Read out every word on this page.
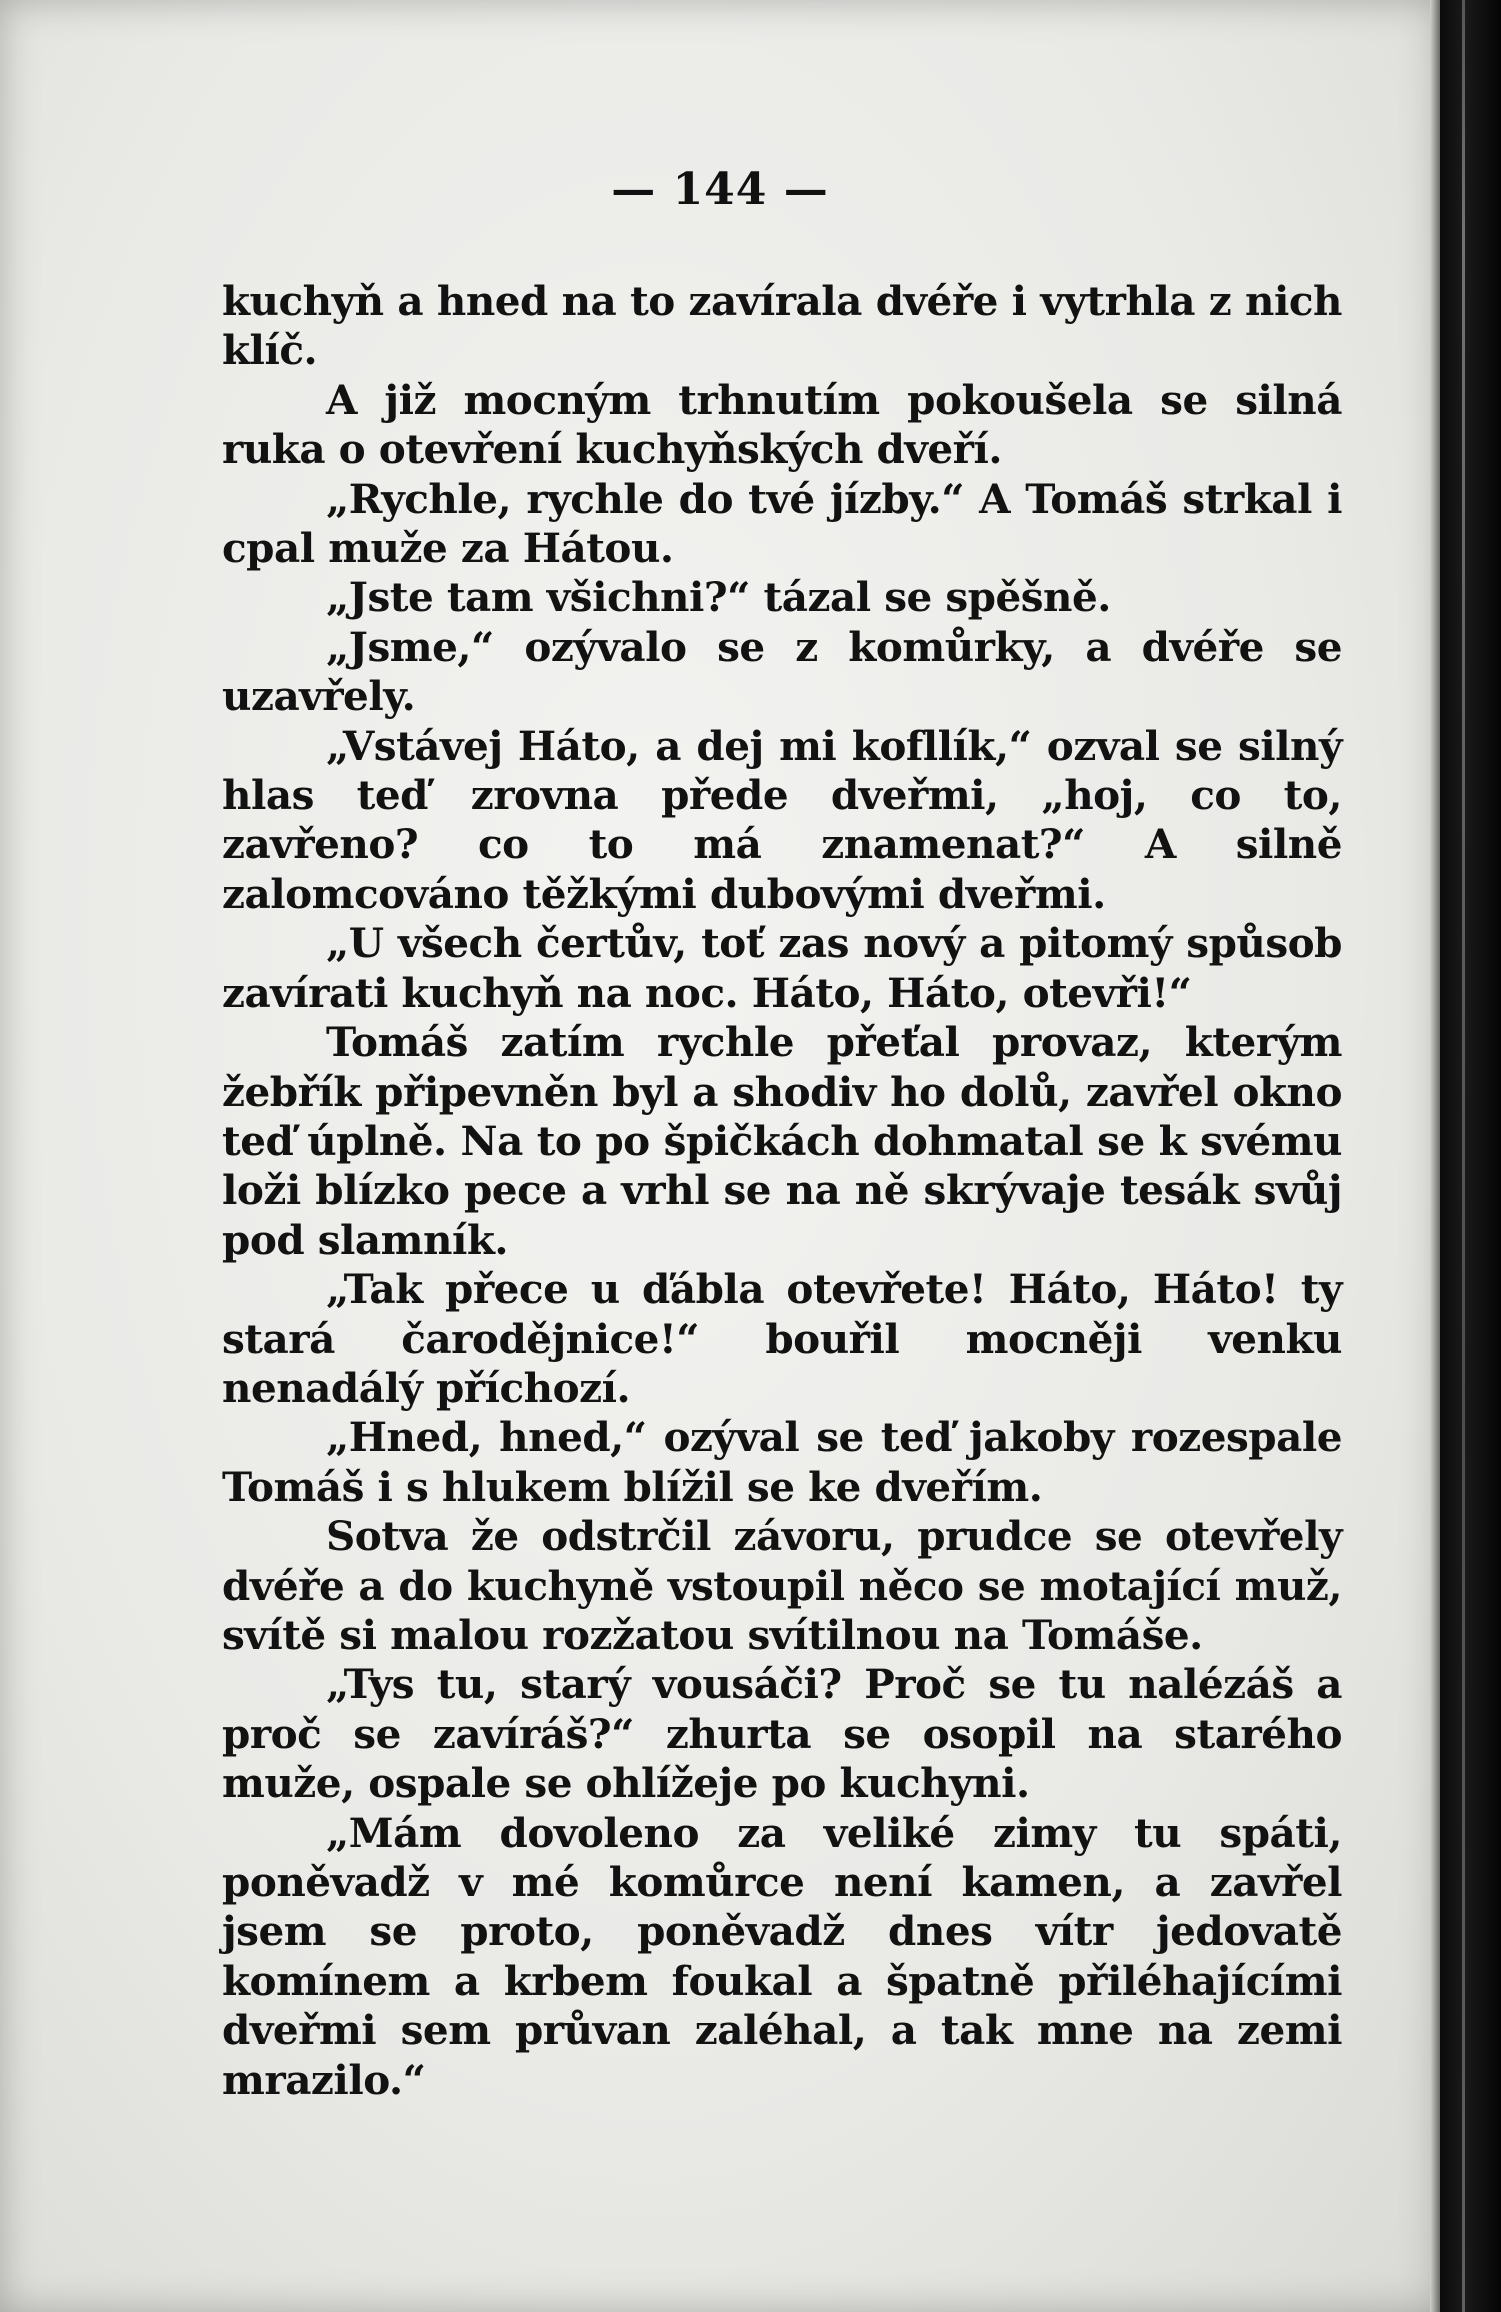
— 144 —

kuchyň a hned na to zavírala dvéře i vytrhla z nich klíč.

A již mocným trhnutím pokoušela se silná ruka o otevření kuchyňských dveří.

„Rychle, rychle do tvé jízby.“ A Tomáš strkal i cpal muže za Hátou.

„Jste tam všichni?“ tázal se spěšně.

„Jsme,“ ozývalo se z komůrky, a dvéře se uzavřely.

„Vstávej Háto, a dej mi kofllík,“ ozval se silný hlas teď zrovna přede dveřmi, „hoj, co to, zavřeno? co to má znamenat?“ A silně zalomcováno těžkými dubovými dveřmi.

„U všech čertův, toť zas nový a pitomý spůsob zavírati kuchyň na noc. Háto, Háto, otevři!“

Tomáš zatím rychle přeťal provaz, kterým žebřík připevněn byl a shodiv ho dolů, zavřel okno teď úplně. Na to po špičkách dohmatal se k svému loži blízko pece a vrhl se na ně skrývaje tesák svůj pod slamník.

„Tak přece u ďábla otevřete! Háto, Háto! ty stará čarodějnice!“ bouřil mocněji venku nenadálý příchozí.

„Hned, hned,“ ozýval se teď jakoby rozespale Tomáš i s hlukem blížil se ke dveřím.

Sotva že odstrčil závoru, prudce se otevřely dvéře a do kuchyně vstoupil něco se motající muž, svítě si malou rozžatou svítilnou na Tomáše.

„Tys tu, starý vousáči? Proč se tu nalézáš a proč se zavíráš?“ zhurta se osopil na starého muže, ospale se ohlížeje po kuchyni.

„Mám dovoleno za veliké zimy tu spáti, poněvadž v mé komůrce není kamen, a zavřel jsem se proto, poněvadž dnes vítr jedovatě komínem a krbem foukal a špatně přiléhajícími dveřmi sem průvan zaléhal, a tak mne na zemi mrazilo.“
